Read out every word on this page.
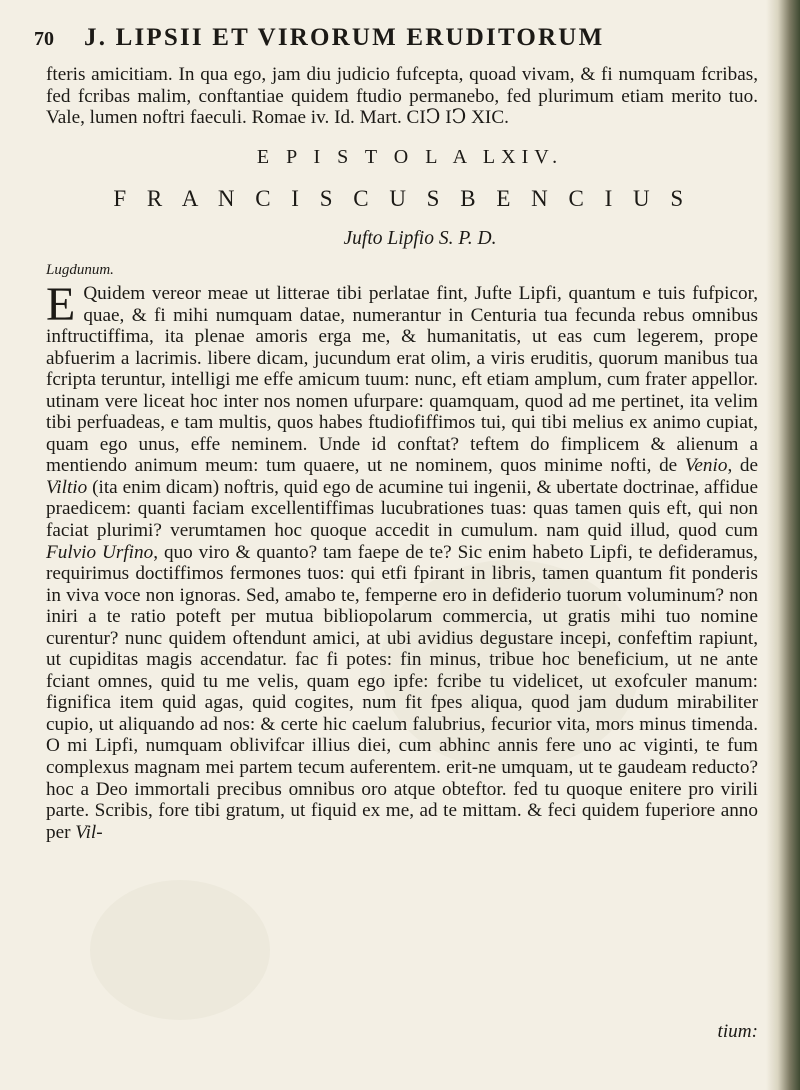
70 J. LIPSII ET VIRORUM ERUDITORUM
fteris amicitiam. In qua ego, jam diu judicio fufcepta, quoad vivam, & fi numquam fcribas, fed fcribas malim, conftantiae quidem ftudio permanebo, fed plurimum etiam merito tuo. Vale, lumen noftri faeculi. Romae iv. Id. Mart. CIↃ IↃ XIC.
E P I S T O L A LXIV.
F R A N C I S C U S B E N C I U S
Jufto Lipfio S. P. D.
Lugdunum.
E Quidem vereor meae ut litterae tibi perlatae fint, Jufte Lipfi, quantum e tuis fufpicor, quae, & fi mihi numquam datae, numerantur in Centuria tua fecunda rebus omnibus inftructiffima, ita plenae amoris erga me, & humanitatis, ut eas cum legerem, prope abfuerim a lacrimis. libere dicam, jucundum erat olim, a viris eruditis, quorum manibus tua fcripta teruntur, intelligi me effe amicum tuum: nunc, eft etiam amplum, cum frater appellor. utinam vere liceat hoc inter nos nomen ufurpare: quamquam, quod ad me pertinet, ita velim tibi perfuadeas, e tam multis, quos habes ftudiofiffimos tui, qui tibi melius ex animo cupiat, quam ego unus, effe neminem. Unde id conftat? teftem do fimplicem & alienum a mentiendo animum meum: tum quaere, ut ne nominem, quos minime nofti, de Venio, de Viltio (ita enim dicam) noftris, quid ego de acumine tui ingenii, & ubertate doctrinae, affidue praedicem: quanti faciam excellentiffimas lucubrationes tuas: quas tamen quis eft, qui non faciat plurimi? verumtamen hoc quoque accedit in cumulum. nam quid illud, quod cum Fulvio Urfino, quo viro & quanto? tam faepe de te? Sic enim habeto Lipfi, te defideramus, requirimus doctiffimos fermones tuos: qui etfi fpirant in libris, tamen quantum fit ponderis in viva voce non ignoras. Sed, amabo te, femperne ero in defiderio tuorum voluminum? non iniri a te ratio poteft per mutua bibliopolarum commercia, ut gratis mihi tuo nomine curentur? nunc quidem oftendunt amici, at ubi avidius degustare incepi, confeftim rapiunt, ut cupiditas magis accendatur. fac fi potes: fin minus, tribue hoc beneficium, ut ne ante fciant omnes, quid tu me velis, quam ego ipfe: fcribe tu videlicet, ut exofculer manum: fignifica item quid agas, quid cogites, num fit fpes aliqua, quod jam dudum mirabiliter cupio, ut aliquando ad nos: & certe hic caelum falubrius, fecurior vita, mors minus timenda. O mi Lipfi, numquam oblivifcar illius diei, cum abhinc annis fere uno ac viginti, te fum complexus magnam mei partem tecum auferentem. erit-ne umquam, ut te gaudeam reducto? hoc a Deo immortali precibus omnibus oro atque obteftor. fed tu quoque enitere pro virili parte. Scribis, fore tibi gratum, ut fiquid ex me, ad te mittam. & feci quidem fuperiore anno per Vil-
tium:
